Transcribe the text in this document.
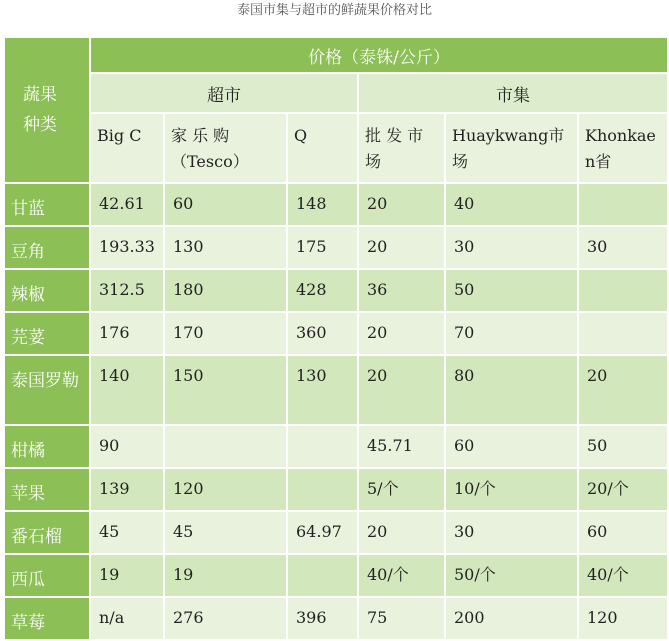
泰国市集与超市的鲜蔬果价格对比
蔬果种类	价格（泰铢/公斤）					
	超市			市集		
	Big C	家 乐 购（Tesco）	Q	批 发 市场	Huaykwang市场	Khonkaen省
甘蓝	42.61	60	148	20	40	
豆角	193.33	130	175	20	30	30
辣椒	312.5	180	428	36	50	
芫荽	176	170	360	20	70	
泰国罗勒	140	150	130	20	80	20
柑橘	90			45.71	60	50
苹果	139	120		5/个	10/个	20/个
番石榴	45	45	64.97	20	30	60
西瓜	19	19		40/个	50/个	40/个
草莓	n/a	276	396	75	200	120
